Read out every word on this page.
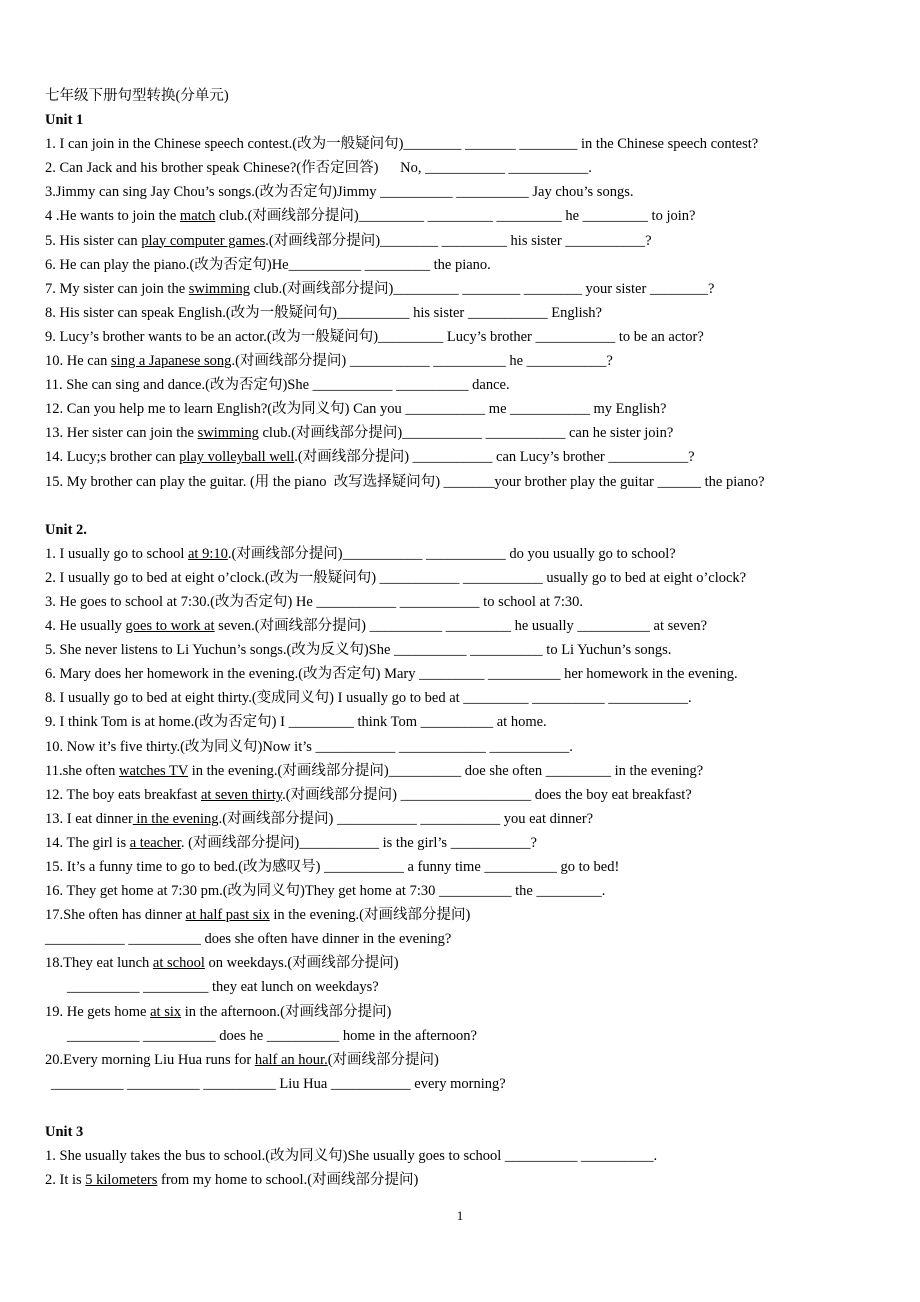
七年级下册句型转换(分单元)
Unit 1
1. I can join in the Chinese speech contest.(改为一般疑问句)________ _______ ________ in the Chinese speech contest?
2. Can Jack and his brother speak Chinese?(作否定回答)      No, ___________ ___________.
3.Jimmy can sing Jay Chou’s songs.(改为否定句)Jimmy __________ __________ Jay chou’s songs.
4 .He wants to join the match club.(对画线部分提问)_________ _________ _________ he _________ to join?
5. His sister can play computer games.(对画线部分提问)________ _________ his sister ___________?
6. He can play the piano.(改为否定句)He__________ _________ the piano.
7. My sister can join the swimming club.(对画线部分提问)_________ ________ ________ your sister ________?
8. His sister can speak English.(改为一般疑问句)__________ his sister ___________ English?
9. Lucy’s brother wants to be an actor.(改为一般疑问句)_________ Lucy’s brother ___________ to be an actor?
10. He can sing a Japanese song.(对画线部分提问) ___________ __________ he ___________?
11. She can sing and dance.(改为否定句)She ___________ __________ dance.
12. Can you help me to learn English?(改为同义句) Can you ___________ me ___________ my English?
13. Her sister can join the swimming club.(对画线部分提问)___________ ___________ can he sister join?
14. Lucy;s brother can play volleyball well.(对画线部分提问) ___________ can Lucy’s brother ___________?
15. My brother can play the guitar. (用 the piano  改写选择疑问句) _______your brother play the guitar ______ the piano?
Unit 2.
1. I usually go to school at 9:10.(对画线部分提问)___________ ___________ do you usually go to school?
2. I usually go to bed at eight o’clock.(改为一般疑问句) ___________ ___________ usually go to bed at eight o’clock?
3. He goes to school at 7:30.(改为否定句) He ___________ ___________ to school at 7:30.
4. He usually goes to work at seven.(对画线部分提问) __________ _________ he usually __________ at seven?
5. She never listens to Li Yuchun’s songs.(改为反义句)She __________ __________ to Li Yuchun’s songs.
6. Mary does her homework in the evening.(改为否定句) Mary _________ __________ her homework in the evening.
8. I usually go to bed at eight thirty.(变成同义句) I usually go to bed at _________ __________ ___________.
9. I think Tom is at home.(改为否定句) I _________ think Tom __________ at home.
10. Now it’s five thirty.(改为同义句)Now it’s ___________ ____________ ___________.
11.she often watches TV in the evening.(对画线部分提问)__________ doe she often _________ in the evening?
12. The boy eats breakfast at seven thirty.(对画线部分提问) __________________ does the boy eat breakfast?
13. I eat dinner in the evening.(对画线部分提问) ___________ ___________ you eat dinner?
14. The girl is a teacher. (对画线部分提问)___________ is the girl’s ___________?
15. It’s a funny time to go to bed.(改为感叹号) ___________ a funny time __________ go to bed!
16. They get home at 7:30 pm.(改为同义句)They get home at 7:30 __________ the _________.
17.She often has dinner at half past six in the evening.(对画线部分提问)
___________ __________ does she often have dinner in the evening?
18.They eat lunch at school on weekdays.(对画线部分提问)
__________ _________ they eat lunch on weekdays?
19. He gets home at six in the afternoon.(对画线部分提问)
__________ __________ does he __________ home in the afternoon?
20.Every morning Liu Hua runs for half an hour.(对画线部分提问)
__________ __________ __________ Liu Hua ___________ every morning?
Unit 3
1. She usually takes the bus to school.(改为同义句)She usually goes to school __________ __________.
2. It is 5 kilometers from my home to school.(对画线部分提问)
1
